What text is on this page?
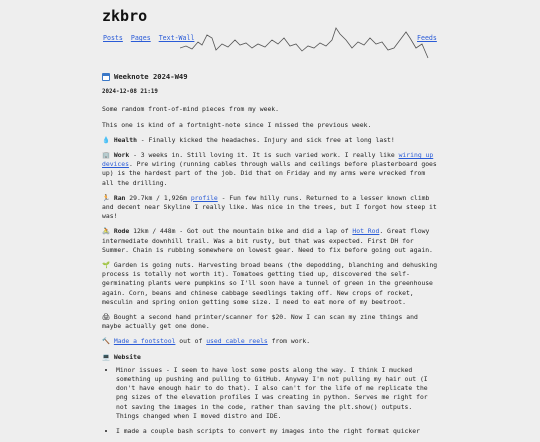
zkbro
Posts Pages Text-Wall	Feeds
Weeknote 2024-W49
2024-12-08 21:19

Some random front-of-mind pieces from my week.

This one is kind of a fortnight-note since I missed the previous week.

💧 Health - Finally kicked the headaches. Injury and sick free at long last!

🏢 Work - 3 weeks in. Still loving it. It is such varied work. I really like wiring up devices. Pre wiring (running cables through walls and ceilings before plasterboard goes up) is the hardest part of the job. Did that on Friday and my arms were wrecked from all the drilling.

🏃 Ran 29.7km / 1,926m profile - Fun few hilly runs. Returned to a lesser known climb and decent near Skyline I really like. Was nice in the trees, but I forgot how steep it was!

🚴 Rode 12km / 448m - Got out the mountain bike and did a lap of Hot Rod. Great flowy intermediate downhill trail. Was a bit rusty, but that was expected. First DH for Summer. Chain is rubbing somewhere on lowest gear. Need to fix before going out again.

🌱 Garden is going nuts. Harvesting broad beans (the depodding, blanching and dehusking process is totally not worth it). Tomatoes getting tied up, discovered the self-germinating plants were pumpkins so I'll soon have a tunnel of green in the greenhouse again. Corn, beans and chinese cabbage seedlings taking off. New crops of rocket, mesculin and spring onion getting some size. I need to eat more of my beetroot.

🖨 Bought a second hand printer/scanner for $20. Now I can scan my zine things and maybe actually get one done.

🔨 Made a footstool out of used cable reels from work.

💻 Website
• Minor issues - I seem to have lost some posts along the way. I think I mucked something up pushing and pulling to GitHub. Anyway I'm not pulling my hair out (I don't have enough hair to do that). I also can't for the life of me replicate the png sizes of the elevation profiles I was creating in python. Serves me right for not saving the images in the code, rather than saving the plt.show() outputs. Things changed when I moved distro and IDE.
• I made a couple bash scripts to convert my images into the right format quicker
